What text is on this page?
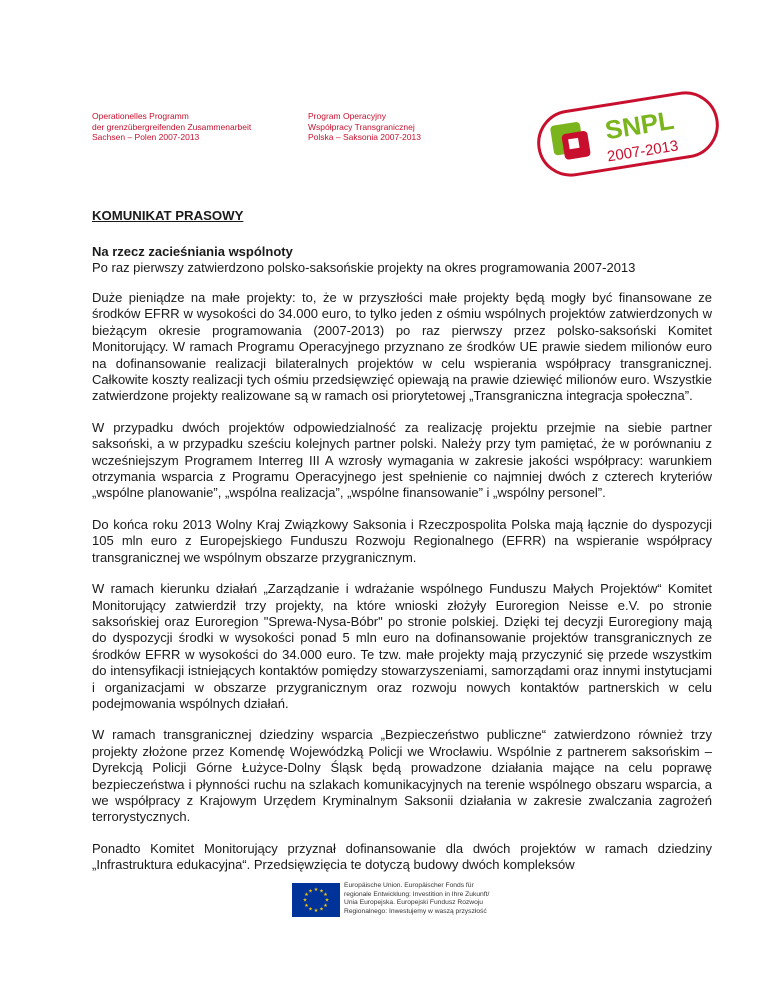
Operationelles Programm
der grenzübergreifenden Zusammenarbeit
Sachsen – Polen 2007-2013
Program Operacyjny
Współpracy Transgranicznej
Polska – Saksonia 2007-2013	SNPL
2007-2013

KOMUNIKAT PRASOWY

Na rzecz zacieśniania wspólnoty

Po raz pierwszy zatwierdzono polsko-saksońskie projekty na okres programowania 2007-2013

Duże pieniądze na małe projekty: to, że w przyszłości małe projekty będą mogły być finansowane ze środków EFRR w wysokości do 34.000 euro, to tylko jeden z ośmiu wspólnych projektów zatwierdzonych w bieżącym okresie programowania (2007-2013) po raz pierwszy przez polsko-saksoński Komitet Monitorujący. W ramach Programu Operacyjnego przyznano ze środków UE prawie siedem milionów euro na dofinansowanie realizacji bilateralnych projektów w celu wspierania współpracy transgranicznej. Całkowite koszty realizacji tych ośmiu przedsięwzięć opiewają na prawie dziewięć milionów euro. Wszystkie zatwierdzone projekty realizowane są w ramach osi priorytetowej „Transgraniczna integracja społeczna”.

W przypadku dwóch projektów odpowiedzialność za realizację projektu przejmie na siebie partner saksoński, a w przypadku sześciu kolejnych partner polski. Należy przy tym pamiętać, że w porównaniu z wcześniejszym Programem Interreg III A wzrosły wymagania w zakresie jakości współpracy: warunkiem otrzymania wsparcia z Programu Operacyjnego jest spełnienie co najmniej dwóch z czterech kryteriów „wspólne planowanie”, „wspólna realizacja”, „wspólne finansowanie” i „wspólny personel”.

Do końca roku 2013 Wolny Kraj Związkowy Saksonia i Rzeczpospolita Polska mają łącznie do dyspozycji 105 mln euro z Europejskiego Funduszu Rozwoju Regionalnego (EFRR) na wspieranie współpracy transgranicznej we wspólnym obszarze przygranicznym.

W ramach kierunku działań „Zarządzanie i wdrażanie wspólnego Funduszu Małych Projektów“ Komitet Monitorujący zatwierdził trzy projekty, na które wnioski złożyły Euroregion Neisse e.V. po stronie saksońskiej oraz Euroregion "Sprewa-Nysa-Bóbr" po stronie polskiej. Dzięki tej decyzji Euroregiony mają do dyspozycji środki w wysokości ponad 5 mln euro na dofinansowanie projektów transgranicznych ze środków EFRR w wysokości do 34.000 euro. Te tzw. małe projekty mają przyczynić się przede wszystkim do intensyfikacji istniejących kontaktów pomiędzy stowarzyszeniami, samorządami oraz innymi instytucjami i organizacjami w obszarze przygranicznym oraz rozwoju nowych kontaktów partnerskich w celu podejmowania wspólnych działań.

W ramach transgranicznej dziedziny wsparcia „Bezpieczeństwo publiczne“ zatwierdzono również trzy projekty złożone przez Komendę Wojewódzką Policji we Wrocławiu. Wspólnie z partnerem saksońskim – Dyrekcją Policji Górne Łużyce-Dolny Śląsk będą prowadzone działania mające na celu poprawę bezpieczeństwa i płynności ruchu na szlakach komunikacyjnych na terenie wspólnego obszaru wsparcia, a we współpracy z Krajowym Urzędem Kryminalnym Saksonii działania w zakresie zwalczania zagrożeń terrorystycznych.

Ponadto Komitet Monitorujący przyznał dofinansowanie dla dwóch projektów w ramach dziedziny „Infrastruktura edukacyjna“. Przedsięwzięcia te dotyczą budowy dwóch kompleksów

★ ★
★
★
★
★
★
★
★
★
★
★
Europäische Union. Europäischer Fonds für
regionale Entwicklung: Investition in Ihre Zukunft/
Unia Europejska. Europejski Fundusz Rozwoju
Regionalnego: Inwestujemy w waszą przyszłość
